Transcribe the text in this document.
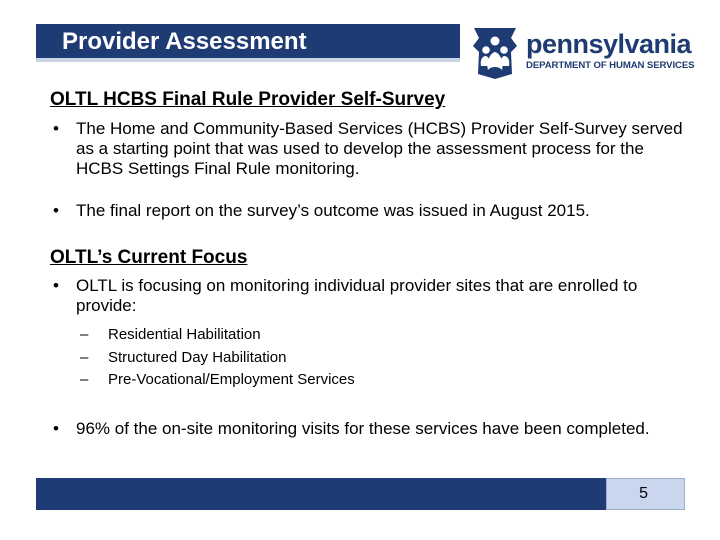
Provider Assessment	pennsylvania
DEPARTMENT OF HUMAN SERVICES
OLTL HCBS Final Rule Provider Self-Survey
• The Home and Community-Based Services (HCBS) Provider Self-Survey served as a starting point that was used to develop the assessment process for the HCBS Settings Final Rule monitoring.
• The final report on the survey’s outcome was issued in August 2015.
OLTL’s Current Focus
• OLTL is focusing on monitoring individual provider sites that are enrolled to provide:
– Residential Habilitation
– Structured Day Habilitation
– Pre-Vocational/Employment Services
• 96% of the on-site monitoring visits for these services have been completed.
5
